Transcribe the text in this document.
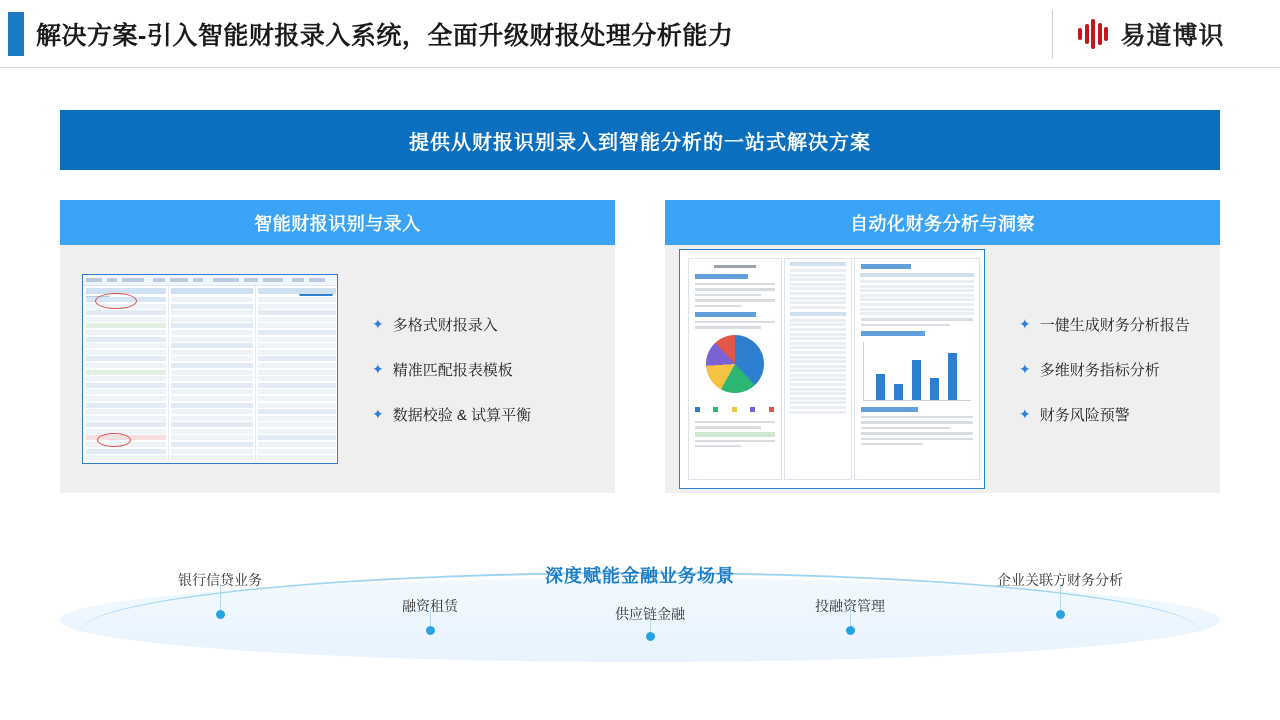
解决方案-引入智能财报录入系统，全面升级财报处理分析能力	易道博识
提供从财报识别录入到智能分析的一站式解决方案
智能财报识别与录入

✦ 多格式财报录入
✦ 精准匹配报表模板
✦ 数据校验 & 试算平衡
自动化财务分析与洞察

✦ 一健生成财务分析报告
✦ 多维财务指标分析
✦ 财务风险预警
深度赋能金融业务场景
银行信贷业务
融资租赁	供应链金融	投融资管理
企业关联方财务分析
